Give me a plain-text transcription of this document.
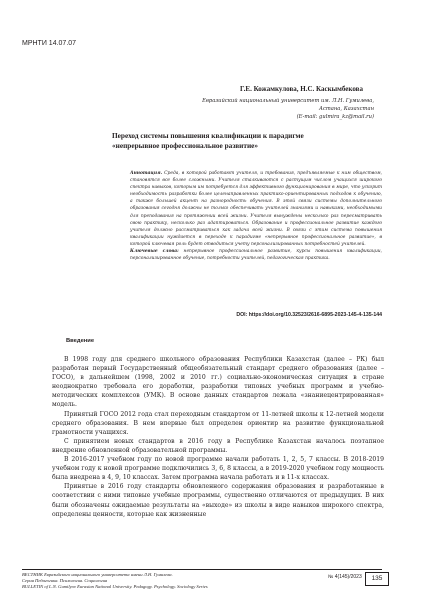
МРНТИ 14.07.07
Г.Е. Кожамкулова, Н.С. Каскымбекова
Евразийский национальный университет им. Л.Н. Гумилева, Астана, Казахстан
(E-mail: gulmira_kz@mail.ru)
Переход системы повышения квалификации к парадигме
«непрерывное профессиональное развитие»
Аннотация. Среда, в которой работают учителя, и требования, предъявляемые к ним обществом, становятся все более сложными. Учителя сталкиваются с растущим числом учащихся широкого спектра навыков, которым им потребуется для эффективного функционирования в мире, что ускорит необходимость разработки более целенаправленных практико-ориентированных подходов к обучению, а также большей акцент на разнородность обучения. В этой связи системы дополнительного образования сегодня должны не только обеспечивать учителей знаниями и навыками, необходимыми для преподавания на протяжении всей жизни. Учителя вынуждены несколько раз пересматривать свою практику, несколько раз адаптироваться. Образование и профессиональное развитие каждого учителя должно рассматриваться как задача всей жизни. В связи с этим система повышения квалификации нуждается в переходе к парадигме «непрерывное профессиональное развитие», в которой ключевая роль будет отводиться учету персонализированных потребностей учителей.
Ключевые слова: непрерывное профессиональное развитие, курсы повышения квалификации, персонализированное обучение, потребности учителей, педагогическая практика.
DOI: https://doi.org/10.32523/2616-6895-2023-145-4-135-144
Введение

В 1998 году для среднего школьного образования Республики Казахстан (далее – РК) был разработан первый Государственный общеобязательный стандарт среднего образования (далее – ГОСО), в дальнейшем (1998, 2002 и 2010 гг.) социально-экономическая ситуация в стране неоднократно требовала его доработки, разработки типовых учебных программ и учебно-методических комплексов (УМК). В основе данных стандартов лежала «знаниецентрированная» модель.

Принятый ГОСО 2012 года стал переходным стандартом от 11-летней школы к 12-летней модели среднего образования. В нем впервые был определен ориентир на развитие функциональной грамотности учащихся.

С принятием новых стандартов в 2016 году в Республике Казахстан началось поэтапное внедрение обновленной образовательной программы.

В 2016-2017 учебном году по новой программе начали работать 1, 2, 5, 7 классы. В 2018-2019 учебном году к новой программе подключились 3, 6, 8 классы, а в 2019-2020 учебном году мощность была внедрена в 4, 9, 10 классах. Затем программа начала работать и в 11-х классах.

Принятые в 2016 году стандарты обновленного содержания образования и разработанные в соответствии с ними типовые учебные программы, существенно отличаются от предыдущих. В них были обозначены ожидаемые результаты на «выходе» из школы в виде навыков широкого спектра, определены ценности, которые как жизненные

ВЕСТНИК Евразийского национального университета имени Л.Н. Гумилева.
Серия Педагогика. Психология. Социология
BULLETIN of L.N. Gumilyov Eurasian National University. Pedagogy. Psychology. Sociology Series
№ 4(145)/2023	135
